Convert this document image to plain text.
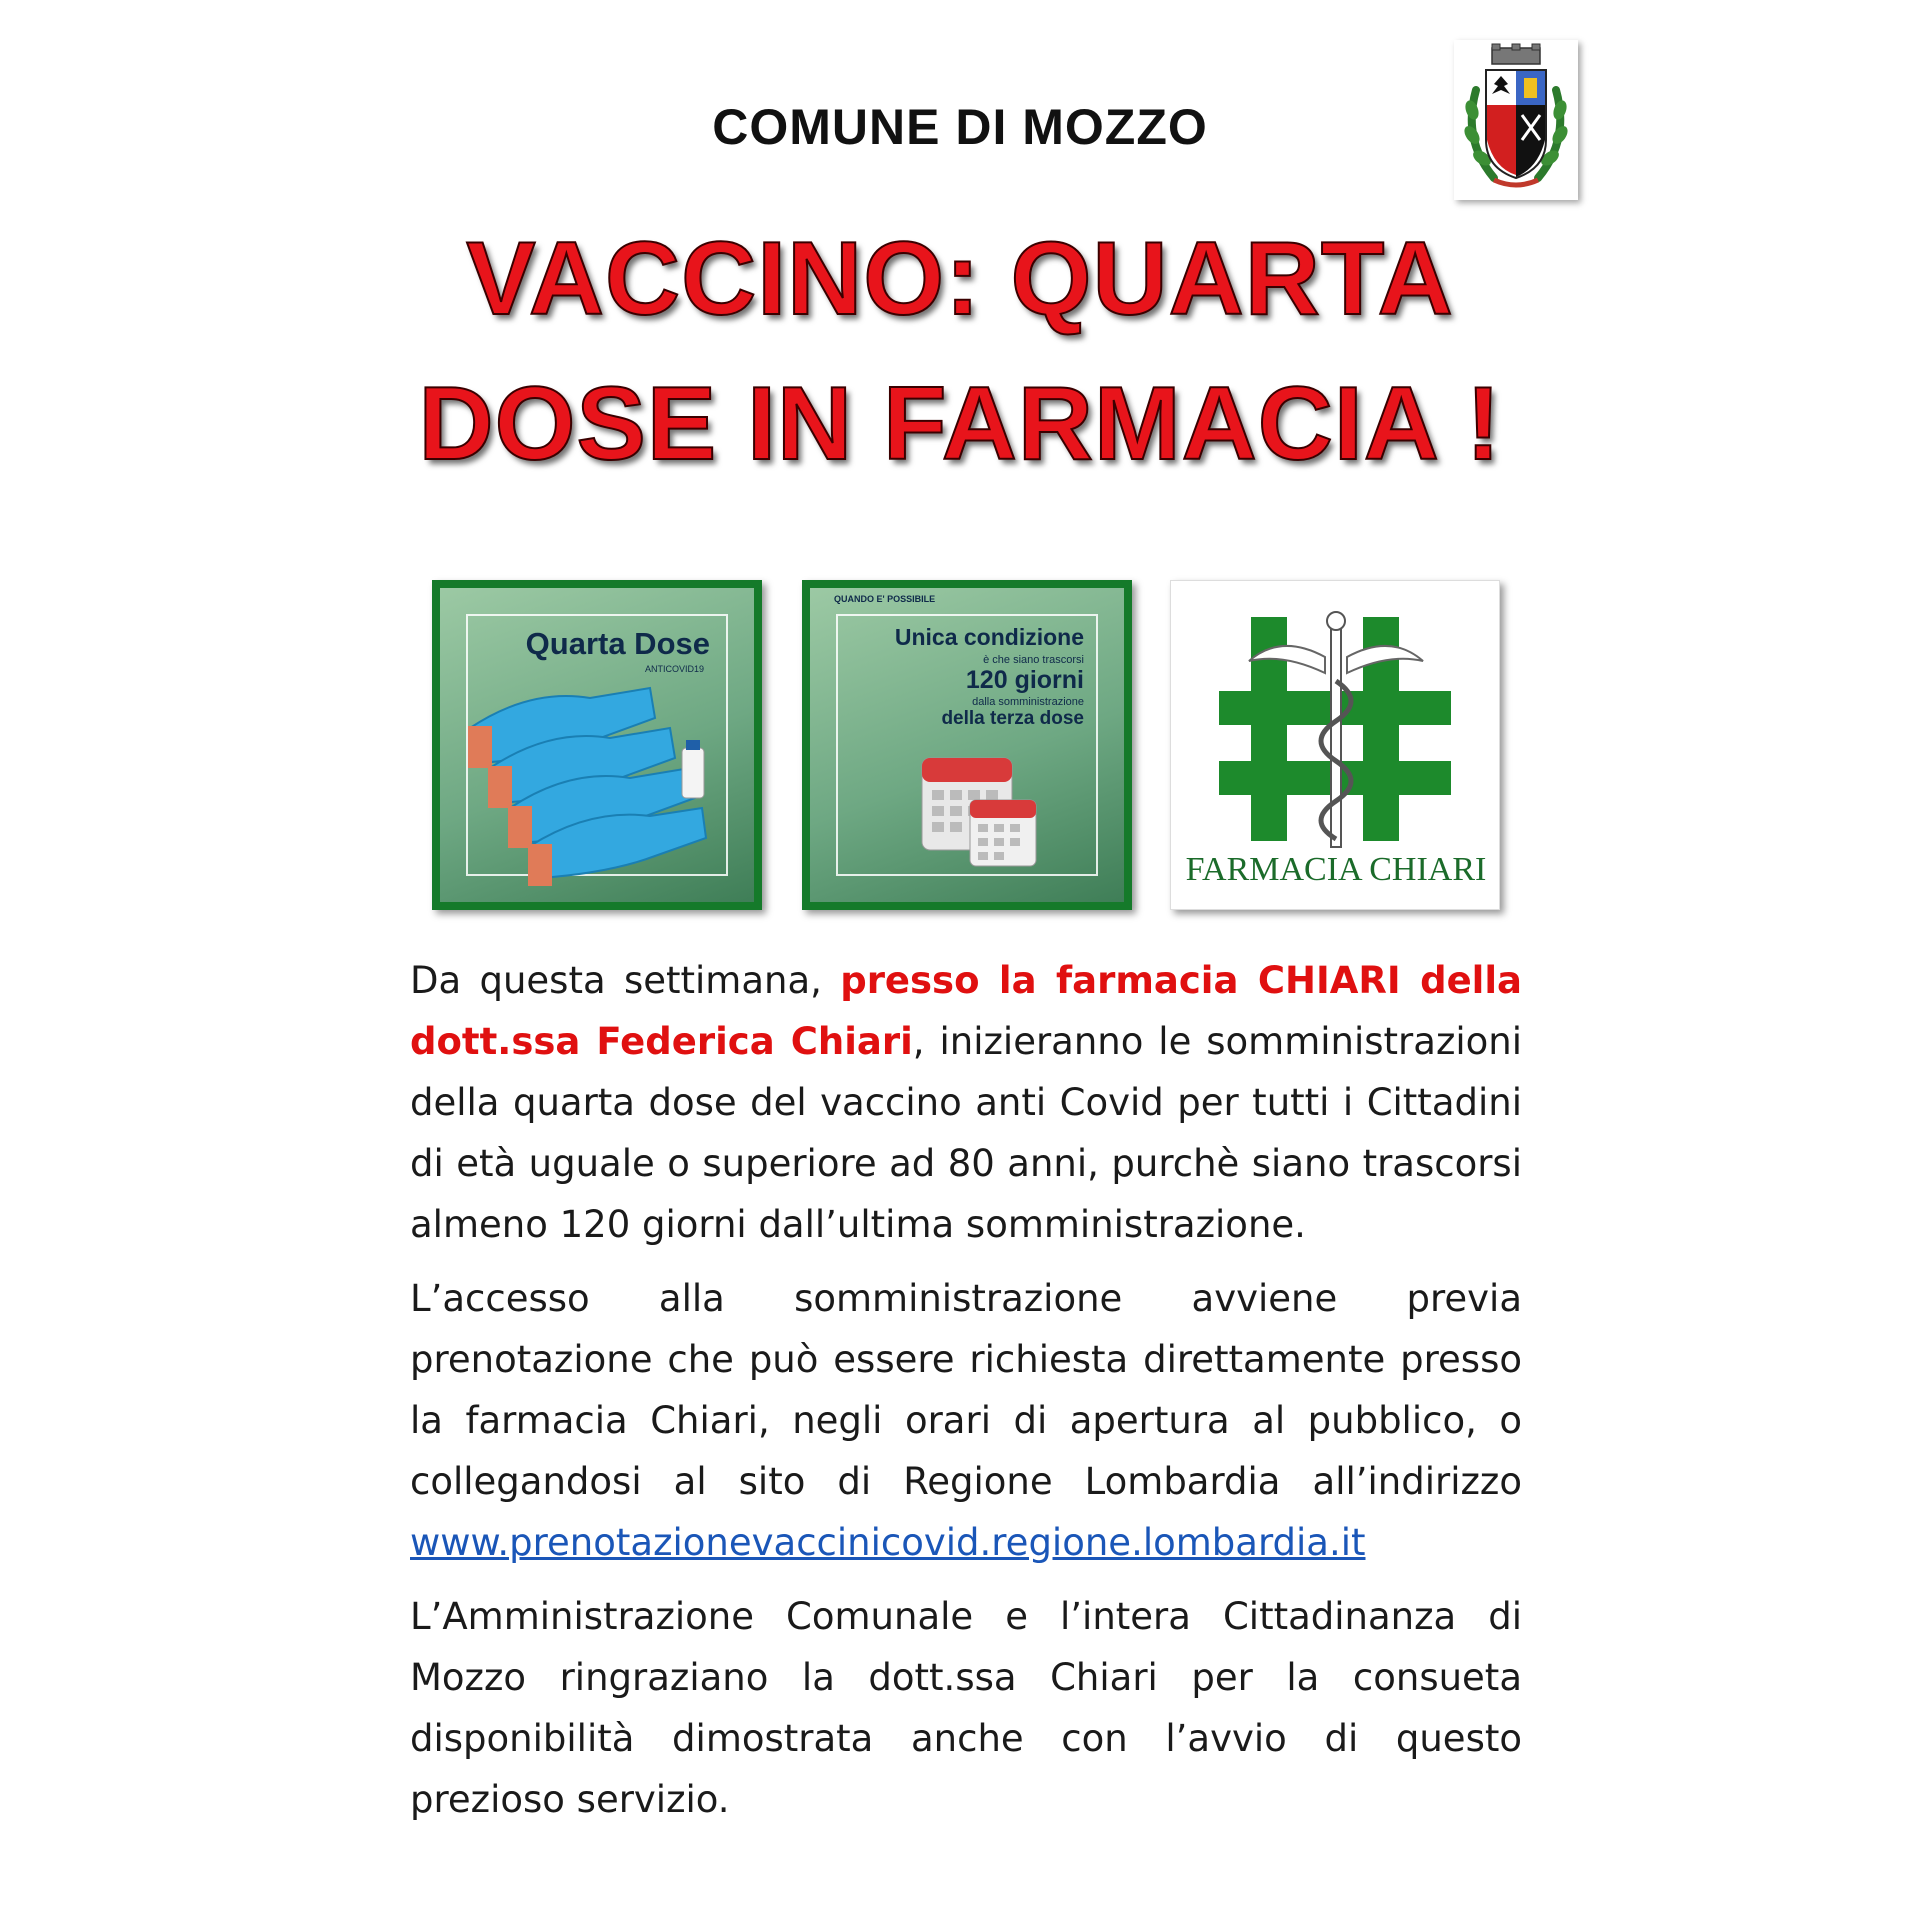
COMUNE DI MOZZO
VACCINO: QUARTA
DOSE IN FARMACIA !
Quarta Dose
ANTICOVID19
QUANDO E' POSSIBILE
Unica condizione
è che siano trascorsi
120 giorni
dalla somministrazione
della terza dose
FARMACIA CHIARI
Da questa settimana, presso la farmacia CHIARI della dott.ssa Federica Chiari, inizieranno le somministrazioni della quarta dose del vaccino anti Covid per tutti i Cittadini di età uguale o superiore ad 80 anni, purchè siano trascorsi almeno 120 giorni dall’ultima somministrazione.
L’accesso alla somministrazione avviene previa prenotazione che può essere richiesta direttamente presso la farmacia Chiari, negli orari di apertura al pubblico, o collegandosi al sito di Regione Lombardia all’indirizzo www.prenotazionevaccinicovid.regione.lombardia.it
L’Amministrazione Comunale e l’intera Cittadinanza di Mozzo ringraziano la dott.ssa Chiari per la consueta disponibilità dimostrata anche con l’avvio di questo prezioso servizio.
